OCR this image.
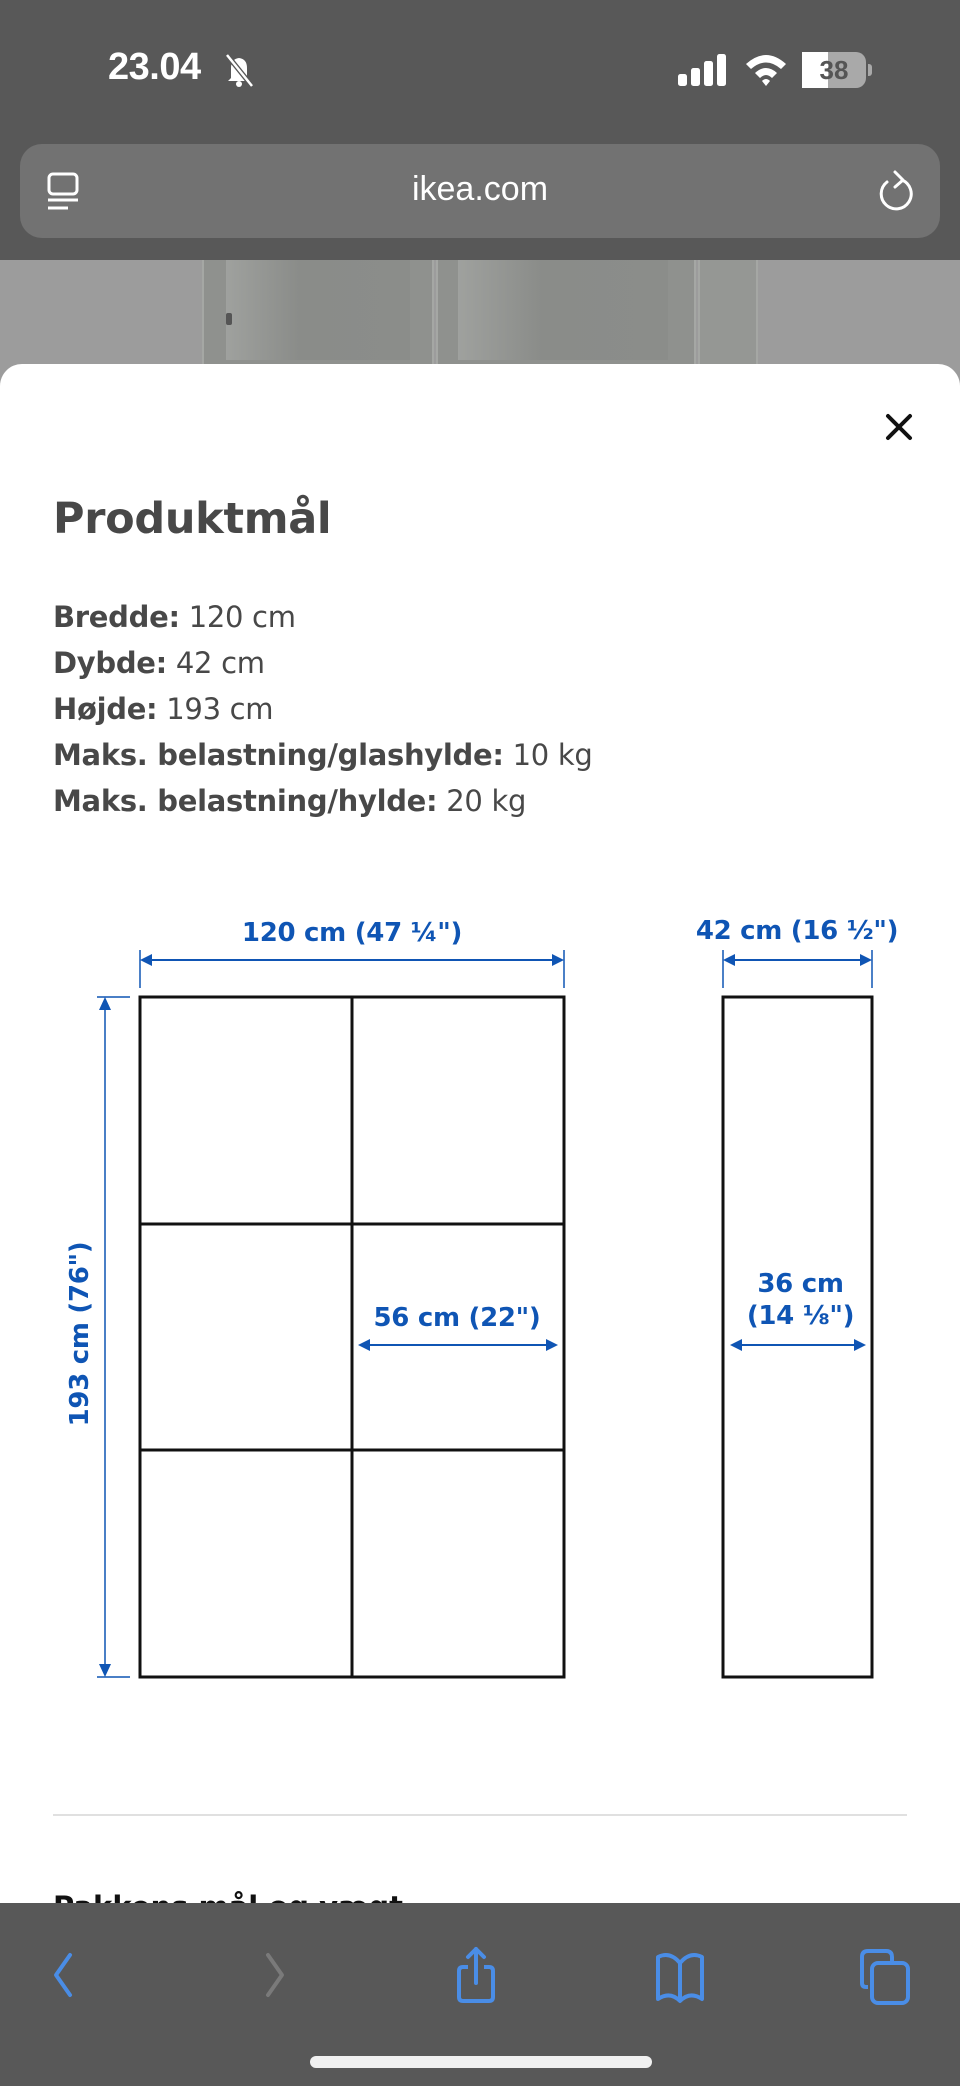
23.04	38
ikea.com
Produktmål
Bredde: 120 cm
Dybde: 42 cm
Højde: 193 cm
Maks. belastning/glashylde: 10 kg
Maks. belastning/hylde: 20 kg
120 cm (47 ¼")	42 cm (16 ½")
193 cm (76")	56 cm (22")
36 cm
(14 ⅛")
